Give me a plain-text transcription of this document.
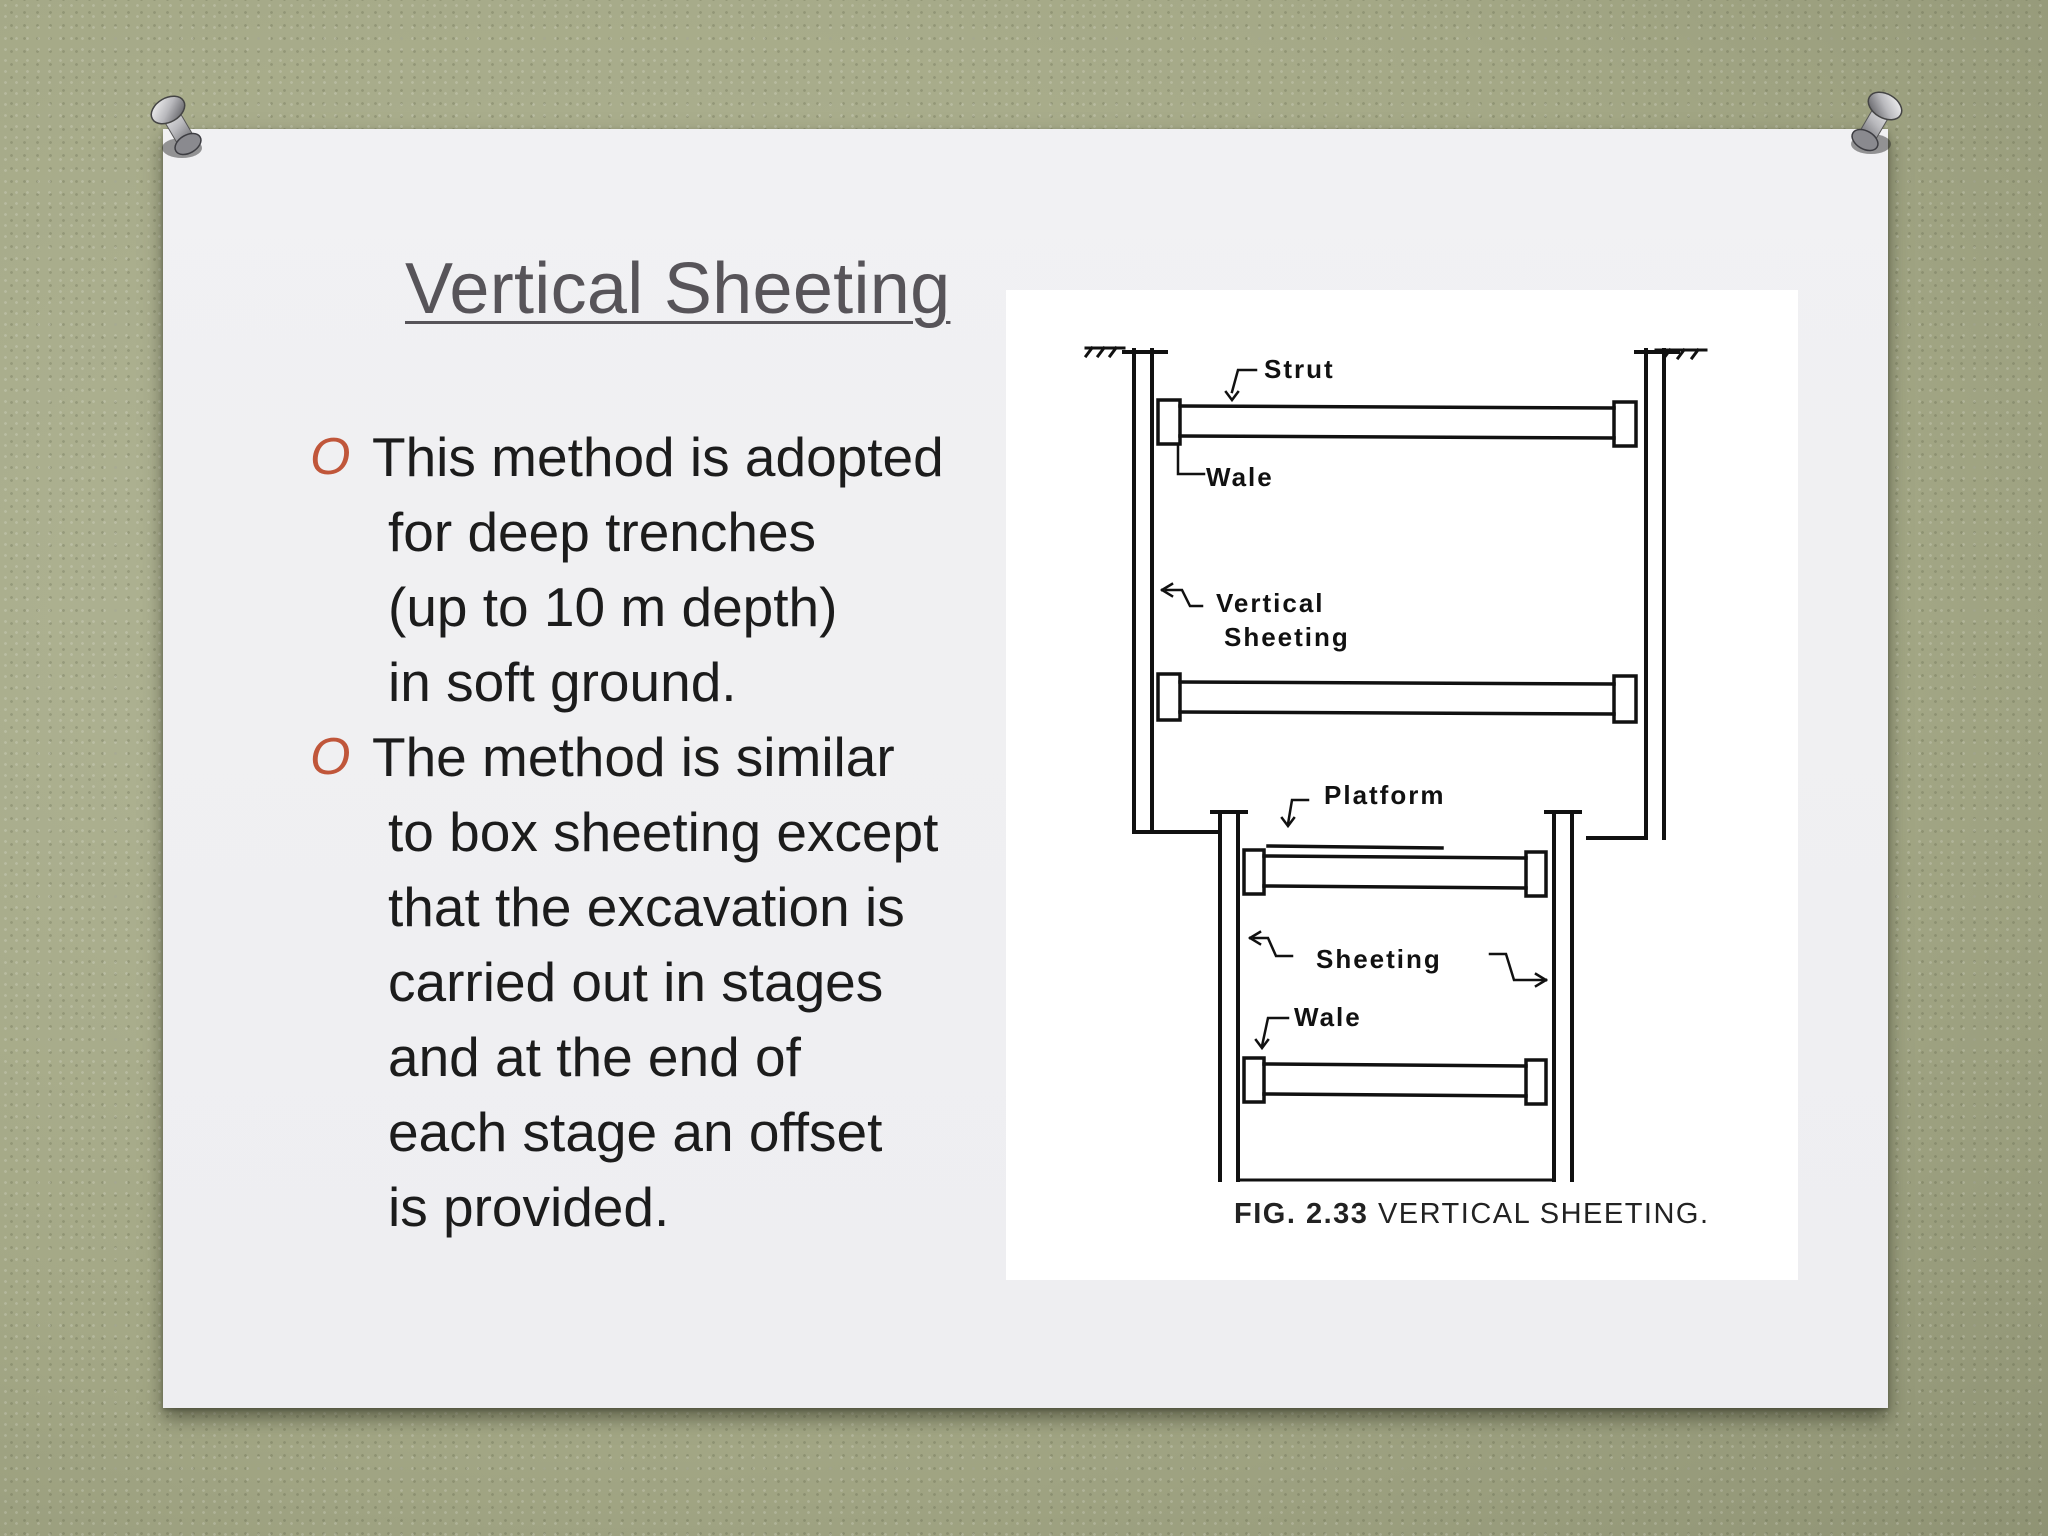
Vertical Sheeting
O This method is adopted
for deep trenches
(up to 10 m depth)
in soft ground.
O The method is similar
to box sheeting except
that the excavation is
carried out in stages
and at the end of
each stage an offset
is provided.
Strut
Wale
Vertical
Sheeting
Platform
Sheeting
Wale
FIG. 2.33 VERTICAL SHEETING.
